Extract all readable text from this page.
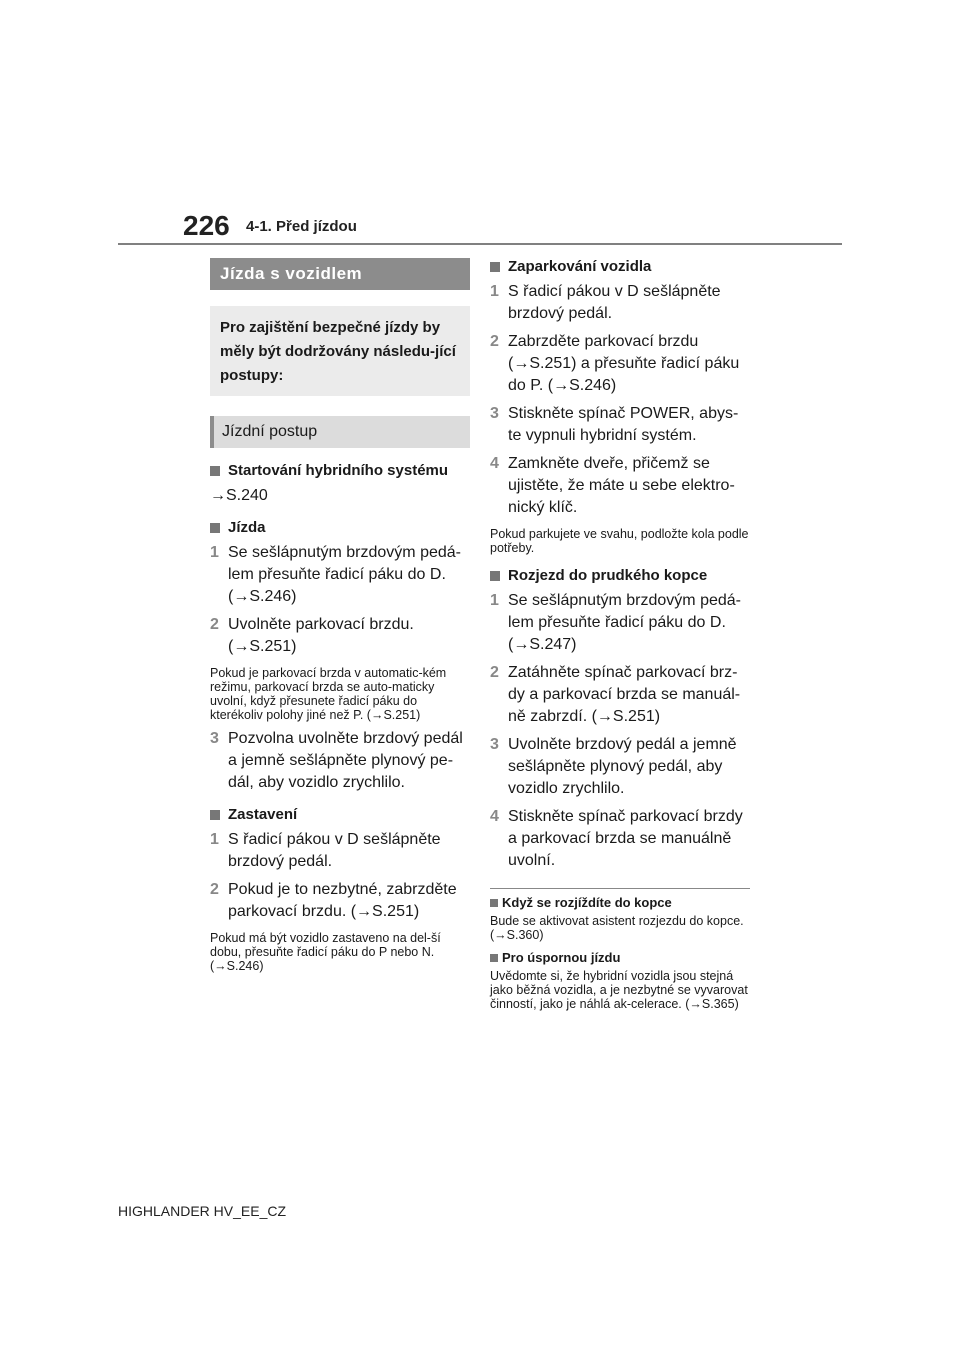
226 4-1. Před jízdou
Jízda s vozidlem
Pro zajištění bezpečné jízdy by měly být dodržovány následu-jící postupy:
Jízdní postup
Startování hybridního systému
→S.240
Jízda
1 Se sešlápnutým brzdovým pedá-lem přesuňte řadicí páku do D. (→S.246)
2 Uvolněte parkovací brzdu. (→S.251)
Pokud je parkovací brzda v automatic-kém režimu, parkovací brzda se auto-maticky uvolní, když přesunete řadicí páku do kterékoliv polohy jiné než P. (→S.251)
3 Pozvolna uvolněte brzdový pedál a jemně sešlápněte plynový pe-dál, aby vozidlo zrychlilo.
Zastavení
1 S řadicí pákou v D sešlápněte brzdový pedál.
2 Pokud je to nezbytné, zabrzděte parkovací brzdu. (→S.251)
Pokud má být vozidlo zastaveno na del-ší dobu, přesuňte řadicí páku do P nebo N. (→S.246)
Zaparkování vozidla
1 S řadicí pákou v D sešlápněte brzdový pedál.
2 Zabrzděte parkovací brzdu (→S.251) a přesuňte řadicí páku do P. (→S.246)
3 Stiskněte spínač POWER, abys-te vypnuli hybridní systém.
4 Zamkněte dveře, přičemž se ujistěte, že máte u sebe elektro-nický klíč.
Pokud parkujete ve svahu, podložte kola podle potřeby.
Rozjezd do prudkého kopce
1 Se sešlápnutým brzdovým pedá-lem přesuňte řadicí páku do D. (→S.247)
2 Zatáhněte spínač parkovací brz-dy a parkovací brzda se manuál-ně zabrzdí. (→S.251)
3 Uvolněte brzdový pedál a jemně sešlápněte plynový pedál, aby vozidlo zrychlilo.
4 Stiskněte spínač parkovací brzdy a parkovací brzda se manuálně uvolní.
Když se rozjíždíte do kopce
Bude se aktivovat asistent rozjezdu do kopce. (→S.360)
Pro úspornou jízdu
Uvědomte si, že hybridní vozidla jsou stejná jako běžná vozidla, a je nezbytné se vyvarovat činností, jako je náhlá ak-celerace. (→S.365)
HIGHLANDER HV_EE_CZ
